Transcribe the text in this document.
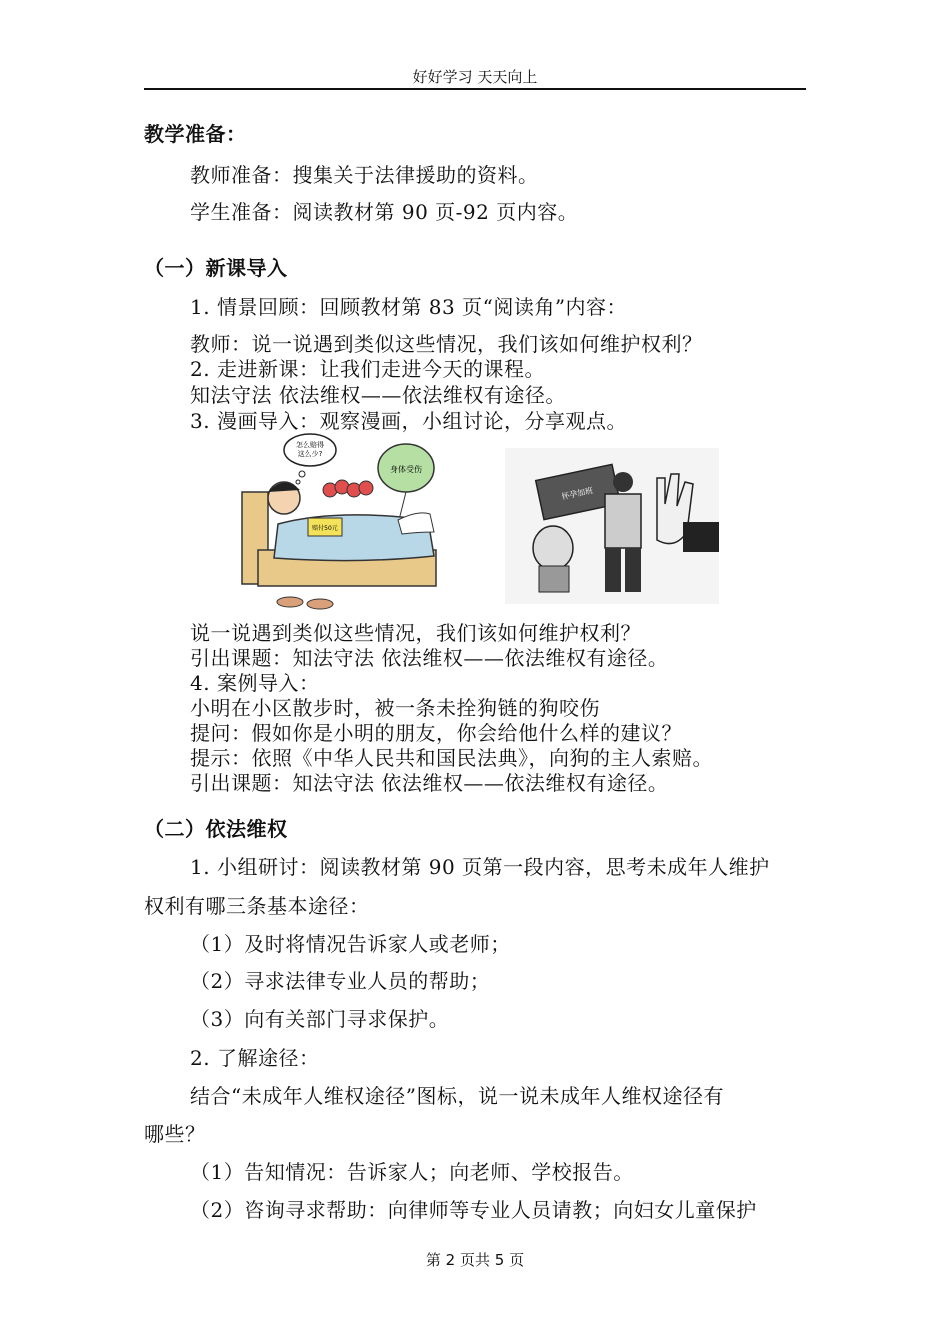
好好学习 天天向上
教学准备：
教师准备：搜集关于法律援助的资料。
学生准备：阅读教材第 90 页-92 页内容。
（一）新课导入
1. 情景回顾：回顾教材第 83 页“阅读角”内容：
教师：说一说遇到类似这些情况，我们该如何维护权利？
2. 走进新课：让我们走进今天的课程。
知法守法 依法维权——依法维权有途径。
3. 漫画导入：观察漫画，小组讨论，分享观点。
怎么赔得这么少?
身体受伤
赔付50元
怀孕加班
说一说遇到类似这些情况，我们该如何维护权利？
引出课题：知法守法 依法维权——依法维权有途径。
4. 案例导入：
小明在小区散步时，被一条未拴狗链的狗咬伤
提问：假如你是小明的朋友，你会给他什么样的建议？
提示：依照《中华人民共和国民法典》，向狗的主人索赔。
引出课题：知法守法 依法维权——依法维权有途径。
（二）依法维权
1. 小组研讨：阅读教材第 90 页第一段内容，思考未成年人维护
权利有哪三条基本途径：
（1）及时将情况告诉家人或老师；
（2）寻求法律专业人员的帮助；
（3）向有关部门寻求保护。
2. 了解途径：
结合“未成年人维权途径”图标，说一说未成年人维权途径有
哪些？
（1）告知情况：告诉家人；向老师、学校报告。
（2）咨询寻求帮助：向律师等专业人员请教；向妇女儿童保护
第 2 页共 5 页
